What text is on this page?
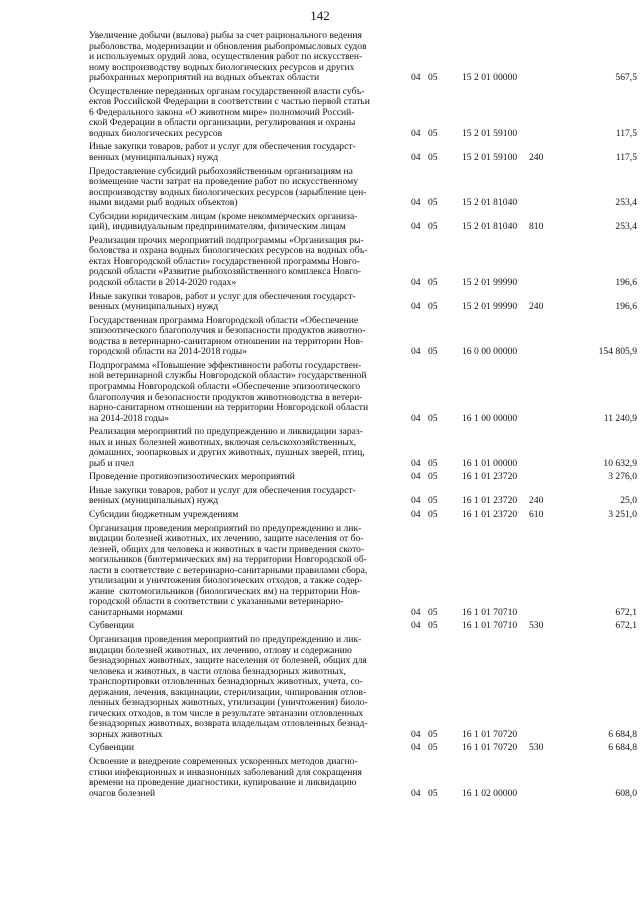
142
Увеличение добычи (вылова) рыбы за счет рационального ведения
рыболовства, модернизации и обновления рыбопромысловых судов
и используемых орудий лова, осуществления работ по искусствен-
ному воспроизводству водных биологических ресурсов и других
рыбохранных мероприятий на водных объектах области	04 05	15 2 01 00000	567,5
Осуществление переданных органам государственной власти субъ-
ектов Российской Федерации в соответствии с частью первой статьи
6 Федерального закона «О животном мире» полномочий Россий-
ской Федерации в области организации, регулирования и охраны
водных биологических ресурсов	04 05	15 2 01 59100	117,5
Иные закупки товаров, работ и услуг для обеспечения государст-
венных (муниципальных) нужд	04 05	15 2 01 59100	240	117,5
Предоставление субсидий рыбохозяйственным организациям на
возмещение части затрат на проведение работ по искусственному
воспроизводству водных биологических ресурсов (зарыбление цен-
ными видами рыб водных объектов)	04 05	15 2 01 81040	253,4
Субсидии юридическим лицам (кроме некоммерческих организа-
ций), индивидуальным предпринимателям, физическим лицам	04 05	15 2 01 81040	810	253,4
Реализация прочих мероприятий подпрограммы «Организация ры-
боловства и охрана водных биологических ресурсов на водных объ-
ектах Новгородской области» государственной программы Новго-
родской области «Развитие рыбохозяйственного комплекса Новго-
родской области в 2014-2020 годах»	04 05	15 2 01 99990	196,6
Иные закупки товаров, работ и услуг для обеспечения государст-
венных (муниципальных) нужд	04 05	15 2 01 99990	240	196,6
Государственная программа Новгородской области «Обеспечение
эпизоотического благополучия и безопасности продуктов животно-
водства в ветеринарно-санитарном отношении на территории Нов-
городской области на 2014-2018 годы»	04 05	16 0 00 00000	154 805,9
Подпрограмма «Повышение эффективности работы государствен-
ной ветеринарной службы Новгородской области» государственной
программы Новгородской области «Обеспечение эпизоотического
благополучия и безопасности продуктов животноводства в ветери-
нарно-санитарном отношении на территории Новгородской области
на 2014-2018 годы»	04 05	16 1 00 00000	11 240,9
Реализация мероприятий по предупреждению и ликвидации зараз-
ных и иных болезней животных, включая сельскохозяйственных,
домашних, зоопарковых и других животных, пушных зверей, птиц,
рыб и пчел	04 05	16 1 01 00000	10 632,9
Проведение противоэпизоотических мероприятий	04 05	16 1 01 23720	3 276,0
Иные закупки товаров, работ и услуг для обеспечения государст-
венных (муниципальных) нужд	04 05	16 1 01 23720	240	25,0
Субсидии бюджетным учреждениям	04 05	16 1 01 23720	610	3 251,0
Организация проведения мероприятий по предупреждению и лик-
видации болезней животных, их лечению, защите населения от бо-
лезней, общих для человека и животных в части приведения ското-
могильников (биотермических ям) на территории Новгородской об-
ласти в соответствие с ветеринарно-санитарными правилами сбора,
утилизации и уничтожения биологических отходов, а также содер-
жание  скотомогильников (биологических ям) на территории Нов-
городской области в соответствии с указанными ветеринарно-
санитарными нормами	04 05	16 1 01 70710	672,1
Субвенции	04 05	16 1 01 70710	530	672,1
Организация проведения мероприятий по предупреждению и лик-
видации болезней животных, их лечению, отлову и содержанию
безнадзорных животных, защите населения от болезней, общих для
человека и животных, в части отлова безнадзорных животных,
транспортировки отловленных безнадзорных животных, учета, со-
держания, лечения, вакцинации, стерилизации, чипирования отлов-
ленных безнадзорных животных, утилизации (уничтожения) биоло-
гических отходов, в том числе в результате эвтаназии отловленных
безнадзорных животных, возврата владельцам отловленных безнад-
зорных животных	04 05	16 1 01 70720	6 684,8
Субвенции	04 05	16 1 01 70720	530	6 684,8
Освоение и внедрение современных ускоренных методов диагно-
стики инфекционных и инвазионных заболеваний для сокращения
времени на проведение диагностики, купирование и ликвидацию
очагов болезней	04 05	16 1 02 00000	608,0
